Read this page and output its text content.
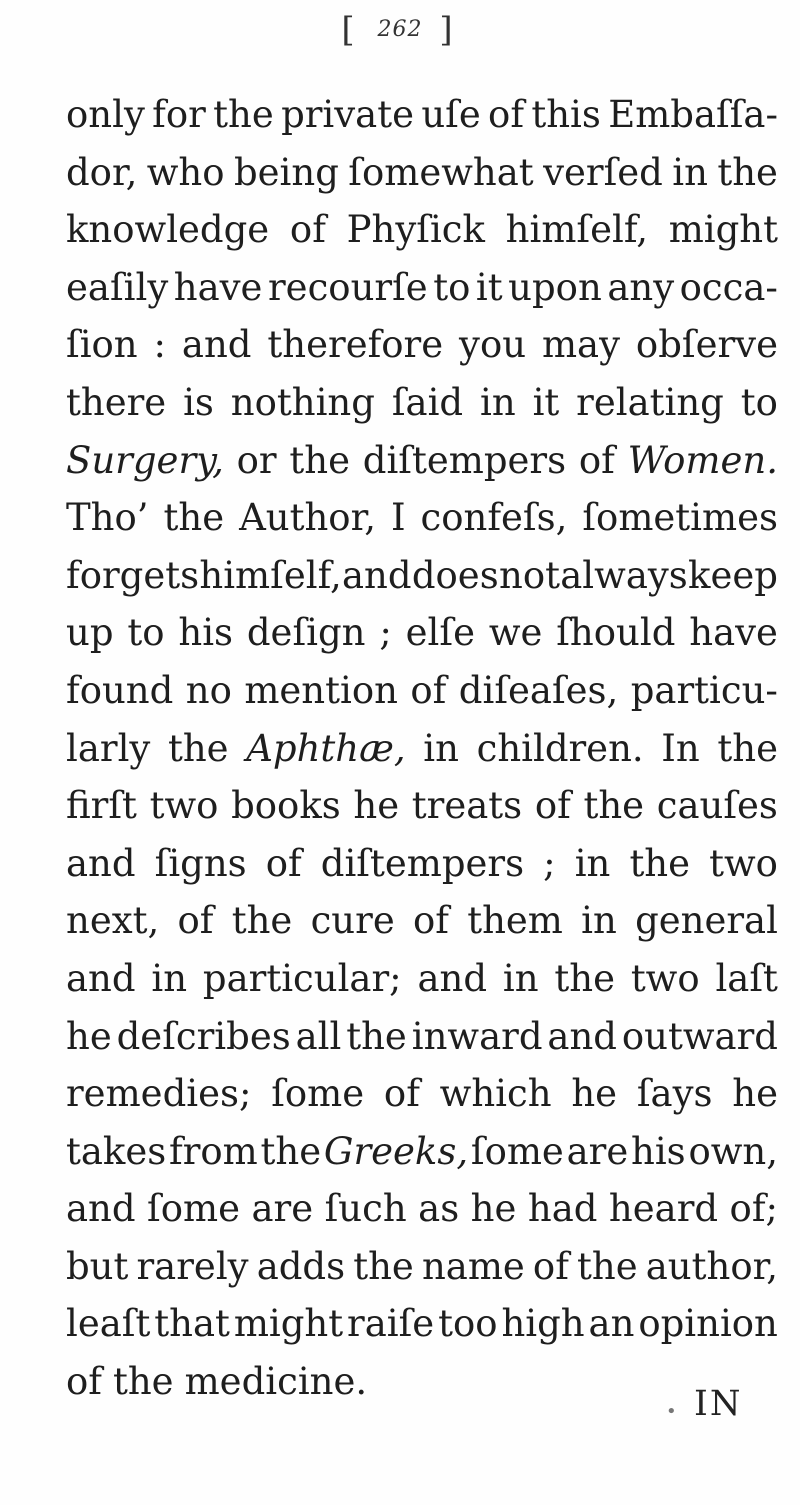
[ 262 ]
only for the private uſe of this Embaſſa-
dor, who being ſomewhat verſed in the
knowledge of Phyſick himſelf, might
eaſily have recourſe to it upon any occa-
ſion : and therefore you may obſerve
there is nothing ſaid in it relating to
Surgery, or the diſtempers of Women.
Tho’ the Author, I confeſs, ſometimes
forgets himſelf, and does not always keep
up to his deſign ; elſe we ſhould have
found no mention of diſeaſes, particu-
larly the Aphthæ, in children. In the
firſt two books he treats of the cauſes
and ſigns of diſtempers ; in the two
next, of the cure of them in general
and in particular; and in the two laſt
he deſcribes all the inward and outward
remedies; ſome of which he ſays he
takes from the Greeks, ſome are his own,
and ſome are ſuch as he had heard of;
but rarely adds the name of the author,
leaſt that might raiſe too high an opinion
of the medicine.
• IN
